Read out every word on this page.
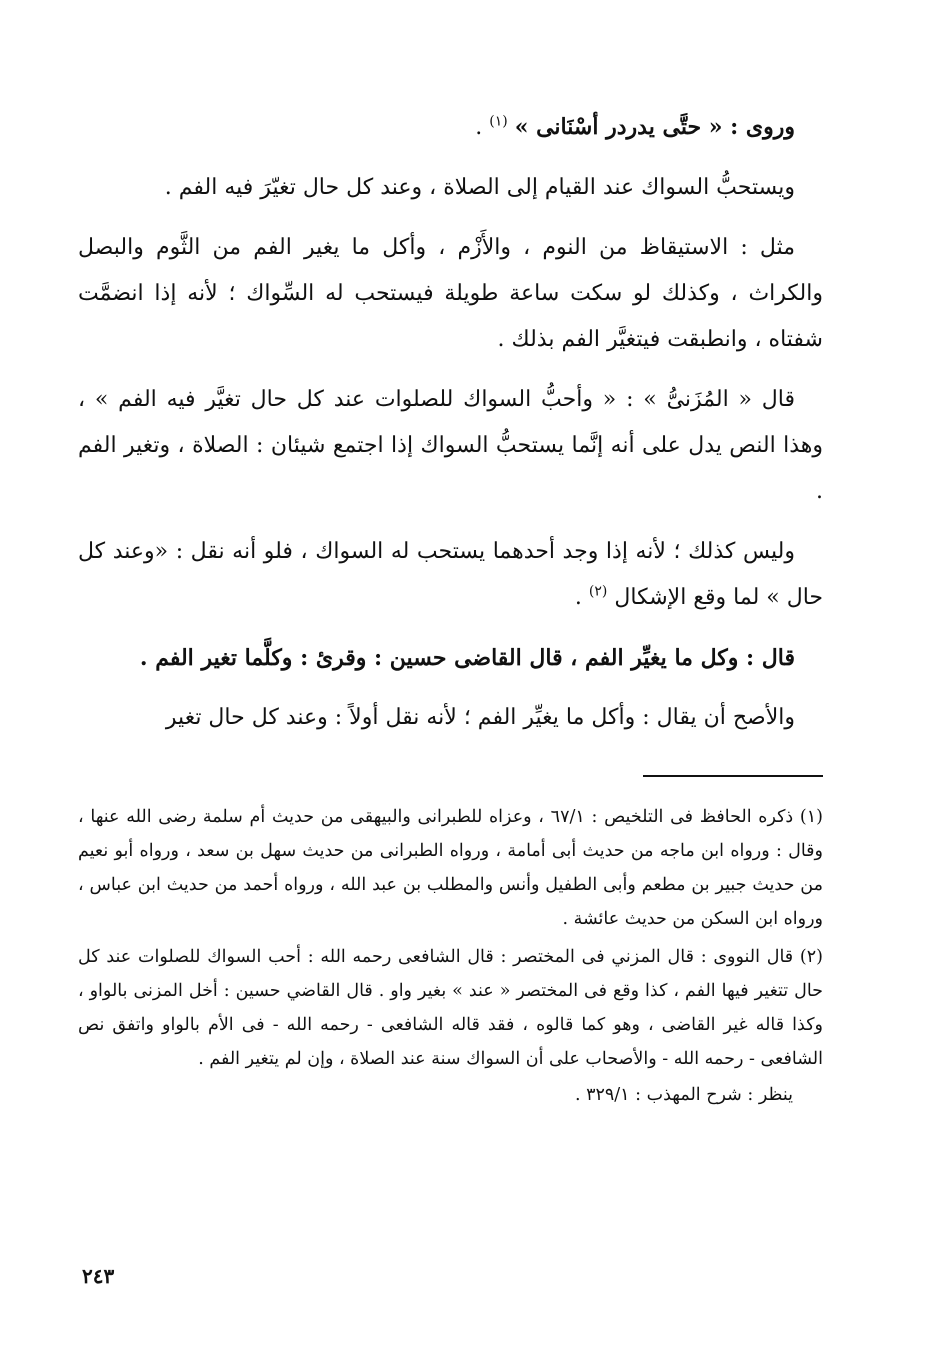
وروى : « حتَّى يدردر أسْنَانى » $^{(١)}$ .

ويستحبُّ السواك عند القيام إلى الصلاة ، وعند كل حال تغيّرَ فيه الفم .

مثل : الاستيقاظ من النوم ، والأَزْم ، وأكل ما يغير الفم من الثَّوم والبصل والكراث ، وكذلك لو سكت ساعة طويلة فيستحب له السِّواك ؛ لأنه إذا انضمَّت شفتاه ، وانطبقت فيتغيَّر الفم بذلك .

قال « المُزَنىُّ » : « وأحبُّ السواك للصلوات عند كل حال تغيَّر فيه الفم » ، وهذا النص يدل على أنه إنَّما يستحبُّ السواك إذا اجتمع شيئان : الصلاة ، وتغير الفم .

وليس كذلك ؛ لأنه إذا وجد أحدهما يستحب له السواك ، فلو أنه نقل : «وعند كل حال » لما وقع الإشكال $^{(٢)}$ .

قال : وكل ما يغيِّر الفم ، قال القاضى حسين : وقرئ : وكلَّما تغير الفم .

والأصح أن يقال : وأكل ما يغيِّر الفم ؛ لأنه نقل أولاً : وعند كل حال تغير

(١) ذكره الحافظ فى التلخيص : ٦٧/١ ، وعزاه للطبرانى والبيهقى من حديث أم سلمة رضى الله عنها ، وقال : ورواه ابن ماجه من حديث أبى أمامة ، ورواه الطبرانى من حديث سهل بن سعد ، ورواه أبو نعيم من حديث جبير بن مطعم وأبى الطفيل وأنس والمطلب بن عبد الله ، ورواه أحمد من حديث ابن عباس ، ورواه ابن السكن من حديث عائشة .

(٢) قال النووى : قال المزني فى المختصر : قال الشافعى رحمه الله : أحب السواك للصلوات عند كل حال تتغير فيها الفم ، كذا وقع فى المختصر « عند » بغير واو . قال القاضي حسين : أخل المزنى بالواو ، وكذا قاله غير القاضى ، وهو كما قالوه ، فقد قاله الشافعى - رحمه الله - فى الأم بالواو واتفق نص الشافعى - رحمه الله - والأصحاب على أن السواك سنة عند الصلاة ، وإن لم يتغير الفم .

ينظر : شرح المهذب : ٣٢٩/١ .

٢٤٣
